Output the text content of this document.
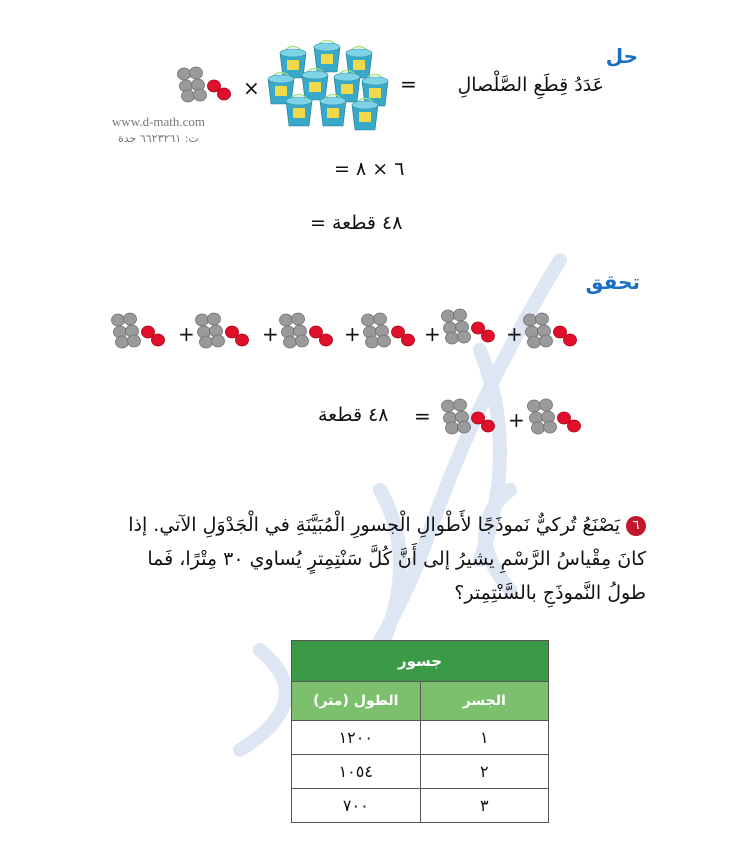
حل
عَدَدُ قِطَعِ الصَّلْصالِ
=
×
www.d-math.com
ت: ٦٦٢٣٢٦١ جدة
٦ × ٨ =
٤٨ قطعة =
تحقق
+	+	+	+	+
٤٨ قطعة =	+
٦يَصْنَعُ تُركيٌّ نَموذَجًا لأَطْوالِ الْجسورِ الْمُبَيَّنَةِ في الْجَدْوَلِ الآتي. إذا كانَ مِقْياسُ الرَّسْمِ يشيرُ إلى أَنَّ كُلَّ سَنْتِمِترٍ يُساوي ٣٠ مِتْرًا، فَما طولُ النَّموذَجِ بالسَّنْتِمِتر؟
جسور	
الجسر	الطول (متر)
١	١٢٠٠
٢	١٠٥٤
٣	٧٠٠
